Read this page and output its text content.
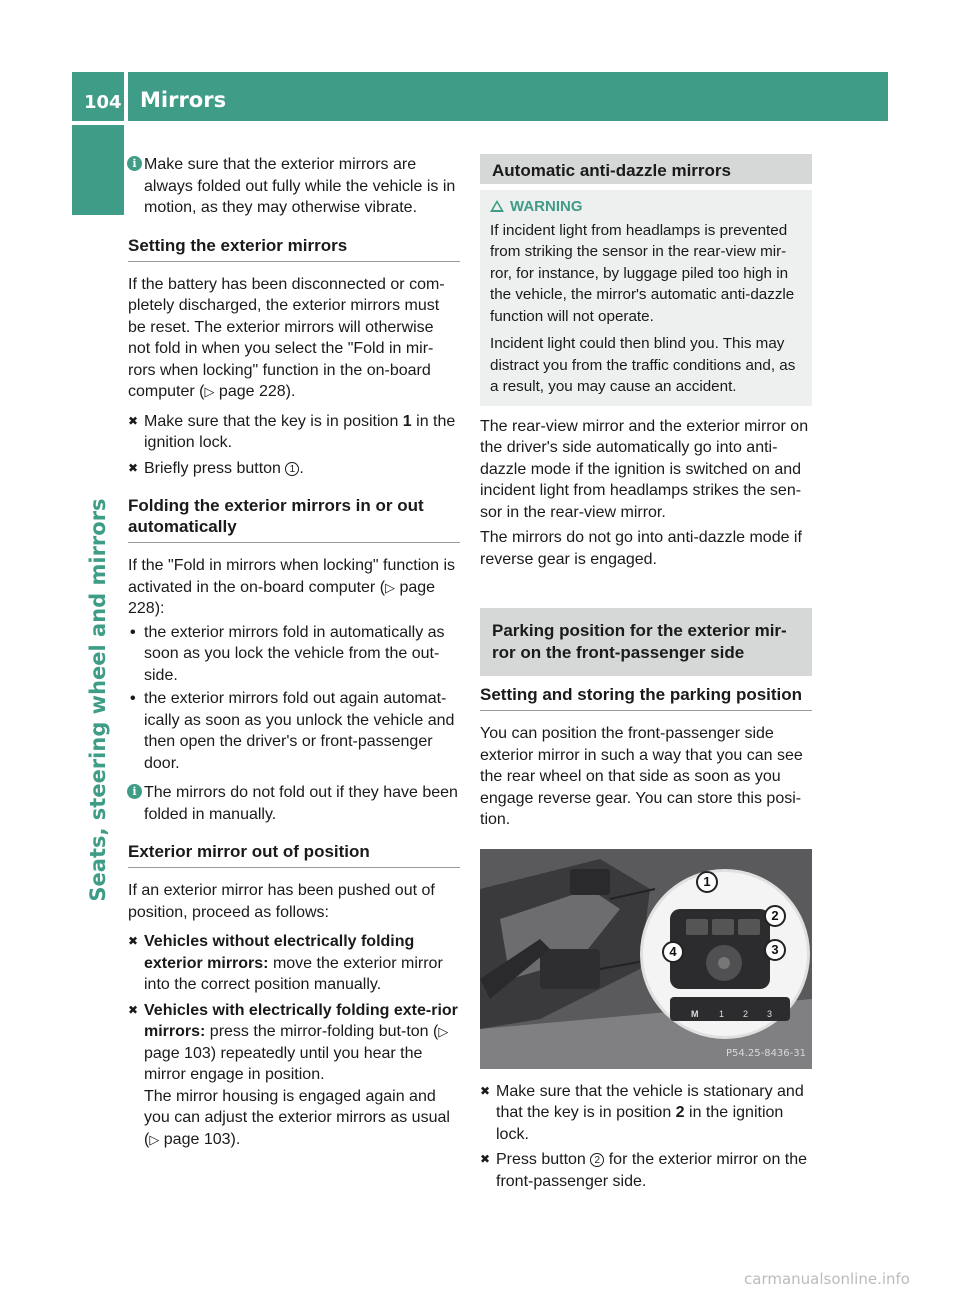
104 Mirrors
Seats, steering wheel and mirrors
i Make sure that the exterior mirrors are always folded out fully while the vehicle is in motion, as they may otherwise vibrate.
Setting the exterior mirrors

If the battery has been disconnected or com-pletely discharged, the exterior mirrors must be reset. The exterior mirrors will otherwise not fold in when you select the "Fold in mir-rors when locking" function in the on-board computer (▷ page 228).

✖ Make sure that the key is in position 1 in the ignition lock.
✖ Briefly press button 1 .
Folding the exterior mirrors in or out automatically

If the "Fold in mirrors when locking" function is activated in the on-board computer (▷ page 228):

• the exterior mirrors fold in automatically as soon as you lock the vehicle from the out-side.
• the exterior mirrors fold out again automat-ically as soon as you unlock the vehicle and then open the driver's or front-passenger door.
i The mirrors do not fold out if they have been folded in manually.
Exterior mirror out of position

If an exterior mirror has been pushed out of position, proceed as follows:

✖ Vehicles without electrically folding exterior mirrors: move the exterior mirror into the correct position manually.
✖ Vehicles with electrically folding exte-rior mirrors: press the mirror-folding but-ton (▷ page 103) repeatedly until you hear the mirror engage in position.
The mirror housing is engaged again and you can adjust the exterior mirrors as usual (▷ page 103).
Automatic anti-dazzle mirrors
WARNING

If incident light from headlamps is prevented from striking the sensor in the rear-view mir-ror, for instance, by luggage piled too high in the vehicle, the mirror's automatic anti-dazzle function will not operate.

Incident light could then blind you. This may distract you from the traffic conditions and, as a result, you may cause an accident.

The rear-view mirror and the exterior mirror on the driver's side automatically go into anti-dazzle mode if the ignition is switched on and incident light from headlamps strikes the sen-sor in the rear-view mirror.

The mirrors do not go into anti-dazzle mode if reverse gear is engaged.

Parking position for the exterior mir-ror on the front-passenger side
Setting and storing the parking position

You can position the front-passenger side exterior mirror in such a way that you can see the rear wheel on that side as soon as you engage reverse gear. You can store this posi-tion.

M 1 2 3
1
2
3
4
P54.25-8436-31
✖ Make sure that the vehicle is stationary and that the key is in position 2 in the ignition lock.
✖ Press button 2 for the exterior mirror on the front-passenger side.
carmanualsonline.info
